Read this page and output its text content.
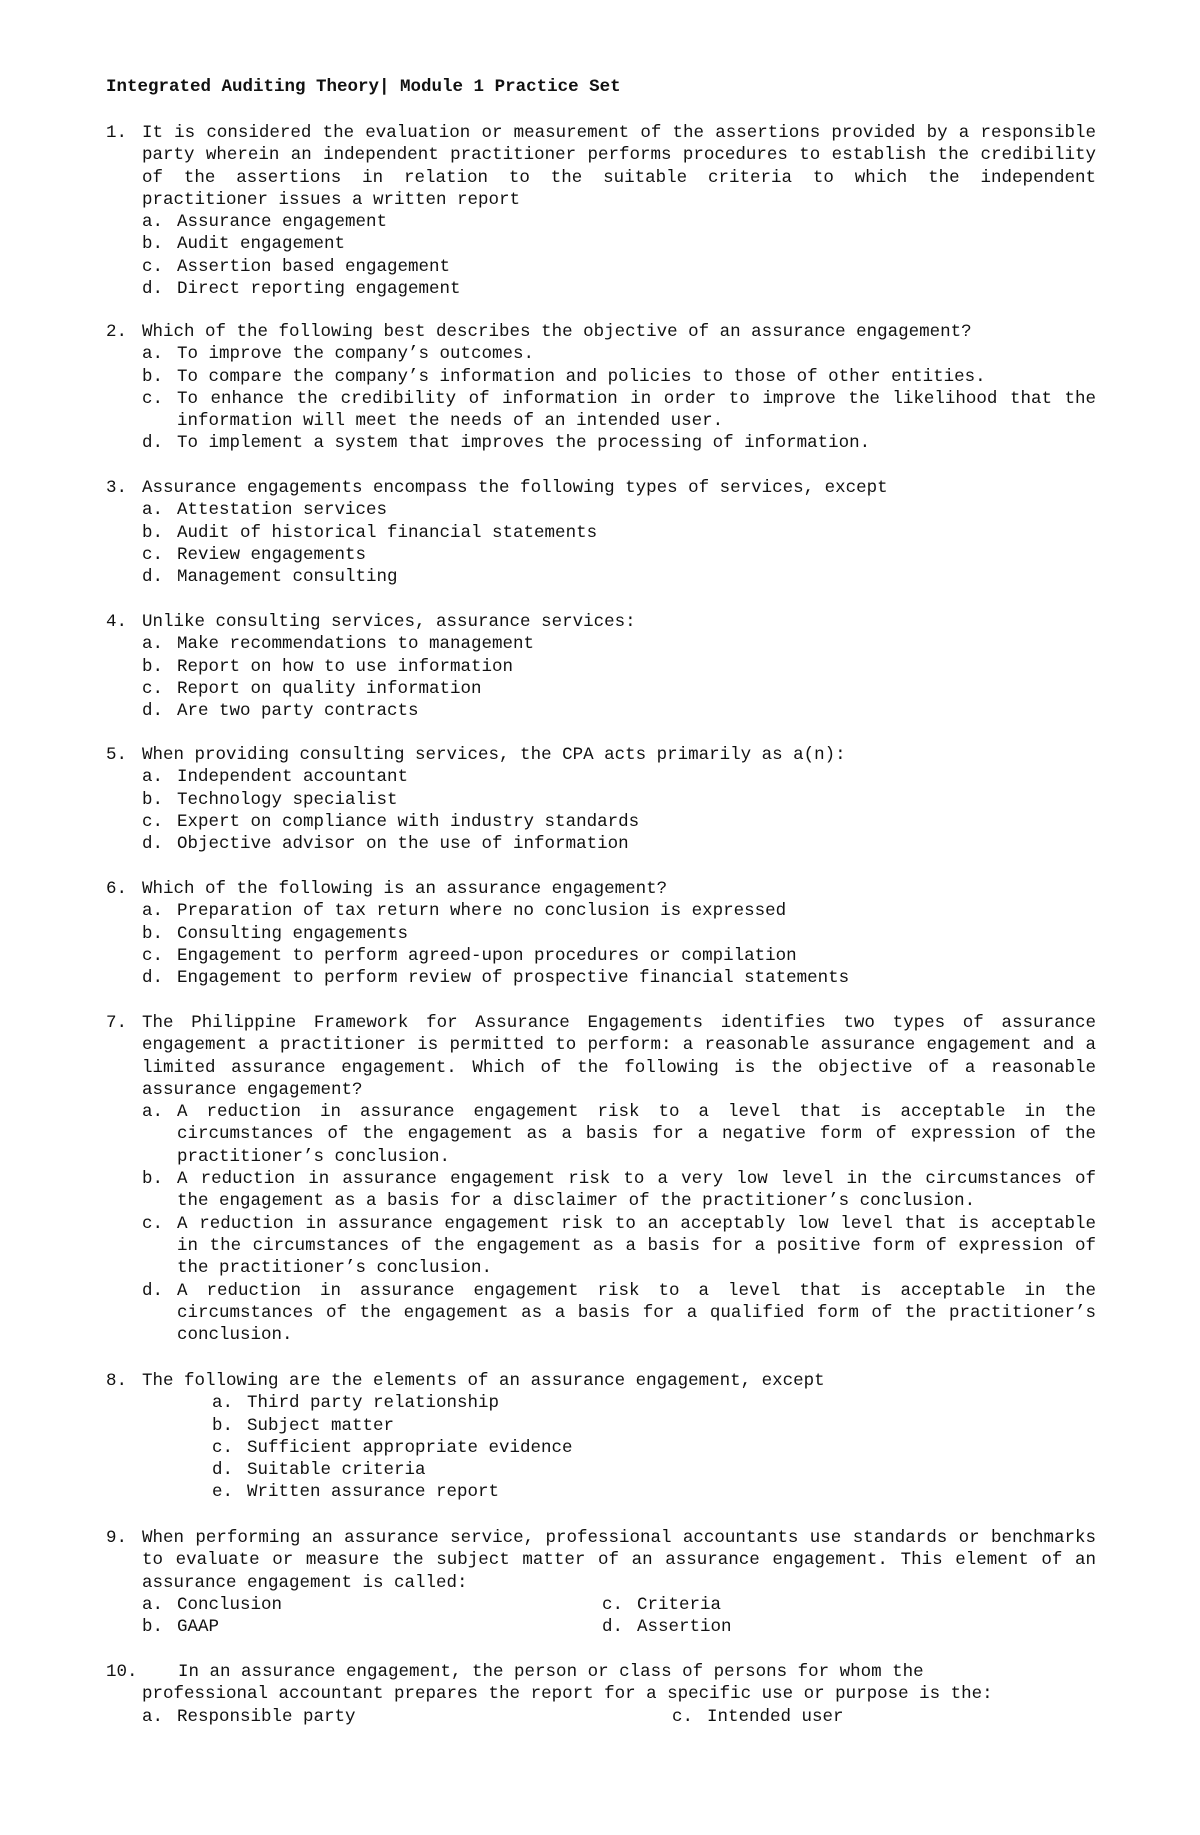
Integrated Auditing Theory| Module 1 Practice Set
1. It is considered the evaluation or measurement of the assertions provided by a responsible party wherein an independent practitioner performs procedures to establish the credibility of the assertions in relation to the suitable criteria to which the independent practitioner issues a written report
a. Assurance engagement
b. Audit engagement
c. Assertion based engagement
d. Direct reporting engagement
2. Which of the following best describes the objective of an assurance engagement?
a. To improve the company’s outcomes.
b. To compare the company’s information and policies to those of other entities.
c. To enhance the credibility of information in order to improve the likelihood that the information will meet the needs of an intended user.
d. To implement a system that improves the processing of information.
3. Assurance engagements encompass the following types of services, except
a. Attestation services
b. Audit of historical financial statements
c. Review engagements
d. Management consulting
4. Unlike consulting services, assurance services:
a. Make recommendations to management
b. Report on how to use information
c. Report on quality information
d. Are two party contracts
5. When providing consulting services, the CPA acts primarily as a(n):
a. Independent accountant
b. Technology specialist
c. Expert on compliance with industry standards
d. Objective advisor on the use of information
6. Which of the following is an assurance engagement?
a. Preparation of tax return where no conclusion is expressed
b. Consulting engagements
c. Engagement to perform agreed-upon procedures or compilation
d. Engagement to perform review of prospective financial statements
7. The Philippine Framework for Assurance Engagements identifies two types of assurance engagement a practitioner is permitted to perform: a reasonable assurance engagement and a limited assurance engagement. Which of the following is the objective of a reasonable assurance engagement?
a. A reduction in assurance engagement risk to a level that is acceptable in the circumstances of the engagement as a basis for a negative form of expression of the practitioner’s conclusion.
b. A reduction in assurance engagement risk to a very low level in the circumstances of the engagement as a basis for a disclaimer of the practitioner’s conclusion.
c. A reduction in assurance engagement risk to an acceptably low level that is acceptable in the circumstances of the engagement as a basis for a positive form of expression of the practitioner’s conclusion.
d. A reduction in assurance engagement risk to a level that is acceptable in the circumstances of the engagement as a basis for a qualified form of the practitioner’s conclusion.
8. The following are the elements of an assurance engagement, except
a. Third party relationship
b. Subject matter
c. Sufficient appropriate evidence
d. Suitable criteria
e. Written assurance report
9. When performing an assurance service, professional accountants use standards or benchmarks to evaluate or measure the subject matter of an assurance engagement. This element of an assurance engagement is called:
a. Conclusion	c. Criteria
b. GAAP	d. Assertion
10.	In an assurance engagement, the person or class of persons for whom the
professional accountant prepares the report for a specific use or purpose is the:
a. Responsible party	c. Intended user
